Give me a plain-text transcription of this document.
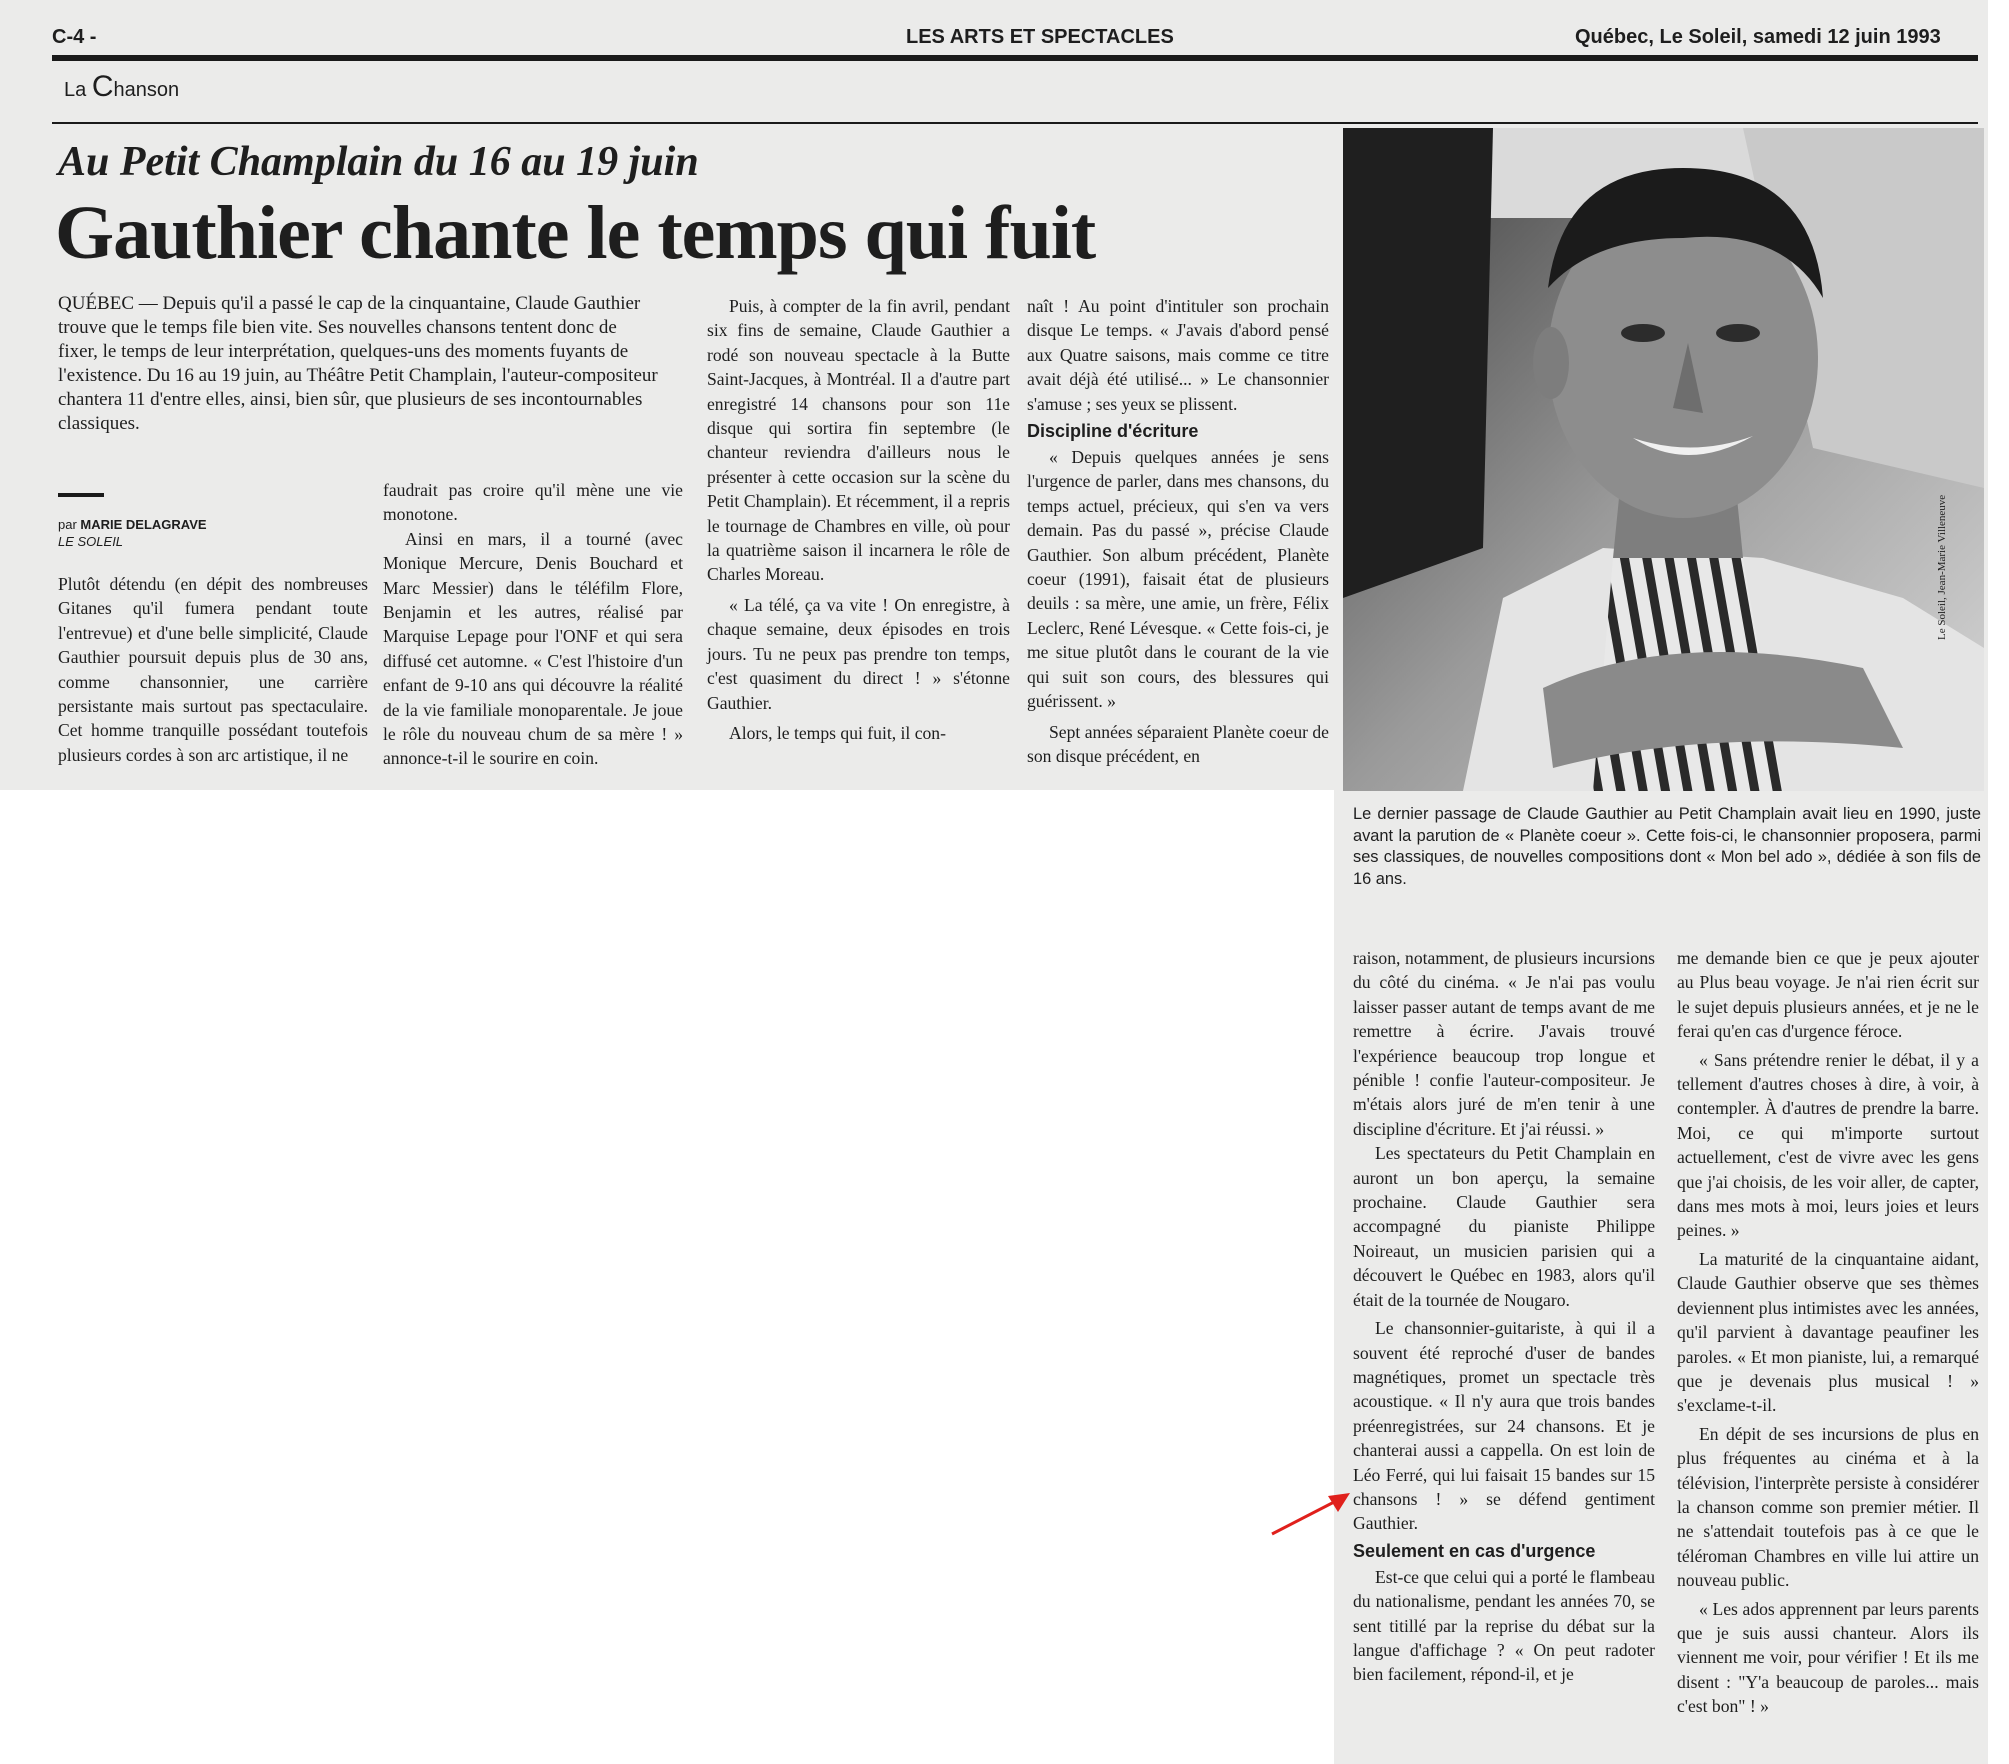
C-4 -	LES ARTS ET SPECTACLES	Québec, Le Soleil, samedi 12 juin 1993
La Chanson
Au Petit Champlain du 16 au 19 juin
Gauthier chante le temps qui fuit
QUÉBEC — Depuis qu'il a passé le cap de la cinquantaine, Claude Gauthier trouve que le temps file bien vite. Ses nouvelles chansons tentent donc de fixer, le temps de leur interprétation, quelques-uns des moments fuyants de l'existence. Du 16 au 19 juin, au Théâtre Petit Champlain, l'auteur-compositeur chantera 11 d'entre elles, ainsi, bien sûr, que plusieurs de ses incontournables classiques.
par MARIE DELAGRAVE
LE SOLEIL

Plutôt détendu (en dépit des nombreuses Gitanes qu'il fumera pendant toute l'entrevue) et d'une belle simplicité, Claude Gauthier poursuit depuis plus de 30 ans, comme chansonnier, une carrière persistante mais surtout pas spectaculaire. Cet homme tranquille possédant toutefois plusieurs cordes à son arc artistique, il ne

faudrait pas croire qu'il mène une vie monotone.

Ainsi en mars, il a tourné (avec Monique Mercure, Denis Bouchard et Marc Messier) dans le téléfilm Flore, Benjamin et les autres, réalisé par Marquise Lepage pour l'ONF et qui sera diffusé cet automne. « C'est l'histoire d'un enfant de 9-10 ans qui découvre la réalité de la vie familiale monoparentale. Je joue le rôle du nouveau chum de sa mère ! » annonce-t-il le sourire en coin.

Puis, à compter de la fin avril, pendant six fins de semaine, Claude Gauthier a rodé son nouveau spectacle à la Butte Saint-Jacques, à Montréal. Il a d'autre part enregistré 14 chansons pour son 11e disque qui sortira fin septembre (le chanteur reviendra d'ailleurs nous le présenter à cette occasion sur la scène du Petit Champlain). Et récemment, il a repris le tournage de Chambres en ville, où pour la quatrième saison il incarnera le rôle de Charles Moreau.

« La télé, ça va vite ! On enregistre, à chaque semaine, deux épisodes en trois jours. Tu ne peux pas prendre ton temps, c'est quasiment du direct ! » s'étonne Gauthier.

Alors, le temps qui fuit, il con-

naît ! Au point d'intituler son prochain disque Le temps. « J'avais d'abord pensé aux Quatre saisons, mais comme ce titre avait déjà été utilisé... » Le chansonnier s'amuse ; ses yeux se plissent.

Discipline d'écriture

« Depuis quelques années je sens l'urgence de parler, dans mes chansons, du temps actuel, précieux, qui s'en va vers demain. Pas du passé », précise Claude Gauthier. Son album précédent, Planète coeur (1991), faisait état de plusieurs deuils : sa mère, une amie, un frère, Félix Leclerc, René Lévesque. « Cette fois-ci, je me situe plutôt dans le courant de la vie qui suit son cours, des blessures qui guérissent. »

Sept années séparaient Planète coeur de son disque précédent, en

Le Soleil, Jean-Marie Villeneuve
Le dernier passage de Claude Gauthier au Petit Champlain avait lieu en 1990, juste avant la parution de « Planète coeur ». Cette fois-ci, le chansonnier proposera, parmi ses classiques, de nouvelles compositions dont « Mon bel ado », dédiée à son fils de 16 ans.

raison, notamment, de plusieurs incursions du côté du cinéma. « Je n'ai pas voulu laisser passer autant de temps avant de me remettre à écrire. J'avais trouvé l'expérience beaucoup trop longue et pénible ! confie l'auteur-compositeur. Je m'étais alors juré de m'en tenir à une discipline d'écriture. Et j'ai réussi. »

Les spectateurs du Petit Champlain en auront un bon aperçu, la semaine prochaine. Claude Gauthier sera accompagné du pianiste Philippe Noireaut, un musicien parisien qui a découvert le Québec en 1983, alors qu'il était de la tournée de Nougaro.

Le chansonnier-guitariste, à qui il a souvent été reproché d'user de bandes magnétiques, promet un spectacle très acoustique. « Il n'y aura que trois bandes préenregistrées, sur 24 chansons. Et je chanterai aussi a cappella. On est loin de Léo Ferré, qui lui faisait 15 bandes sur 15 chansons ! » se défend gentiment Gauthier.

Seulement en cas d'urgence

Est-ce que celui qui a porté le flambeau du nationalisme, pendant les années 70, se sent titillé par la reprise du débat sur la langue d'affichage ? « On peut radoter bien facilement, répond-il, et je

me demande bien ce que je peux ajouter au Plus beau voyage. Je n'ai rien écrit sur le sujet depuis plusieurs années, et je ne le ferai qu'en cas d'urgence féroce.

« Sans prétendre renier le débat, il y a tellement d'autres choses à dire, à voir, à contempler. À d'autres de prendre la barre. Moi, ce qui m'importe surtout actuellement, c'est de vivre avec les gens que j'ai choisis, de les voir aller, de capter, dans mes mots à moi, leurs joies et leurs peines. »

La maturité de la cinquantaine aidant, Claude Gauthier observe que ses thèmes deviennent plus intimistes avec les années, qu'il parvient à davantage peaufiner les paroles. « Et mon pianiste, lui, a remarqué que je devenais plus musical ! » s'exclame-t-il.

En dépit de ses incursions de plus en plus fréquentes au cinéma et à la télévision, l'interprète persiste à considérer la chanson comme son premier métier. Il ne s'attendait toutefois pas à ce que le téléroman Chambres en ville lui attire un nouveau public.

« Les ados apprennent par leurs parents que je suis aussi chanteur. Alors ils viennent me voir, pour vérifier ! Et ils me disent : "Y'a beaucoup de paroles... mais c'est bon" ! »
